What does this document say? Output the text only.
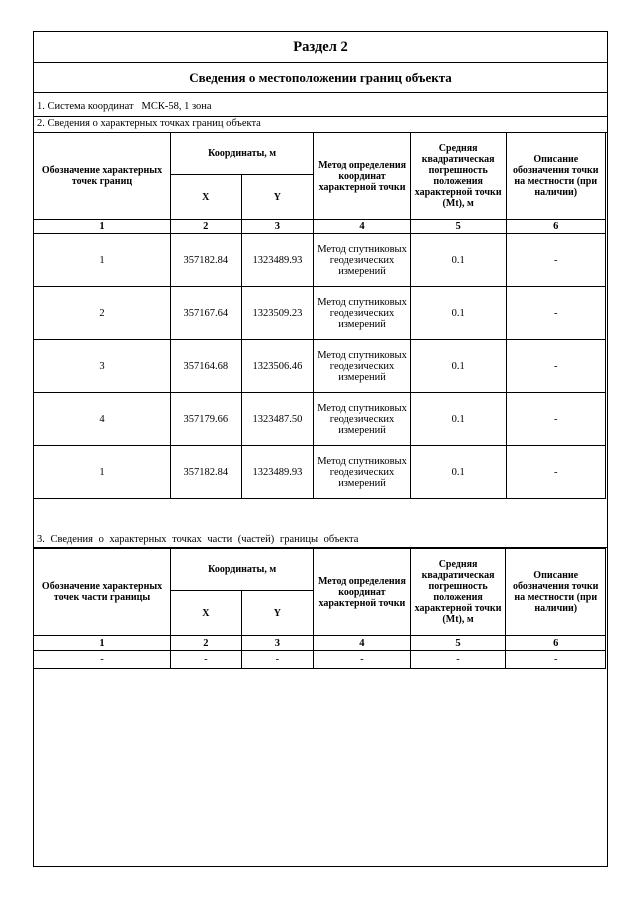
Раздел 2
Сведения о местоположении границ объекта
1. Система координат   МСК-58, 1 зона
2. Сведения о характерных точках границ объекта
Обозначение характерных точек границ	Координаты, м		Метод определения координат характерной точки	Средняя квадратическая погрешность положения характерной точки (Mt), м	Описание обозначения точки на местности (при наличии)
	X	Y			
1	2	3	4	5	6
1	357182.84	1323489.93	Метод спутниковых геодезических измерений	0.1	-
2	357167.64	1323509.23	Метод спутниковых геодезических измерений	0.1	-
3	357164.68	1323506.46	Метод спутниковых геодезических измерений	0.1	-
4	357179.66	1323487.50	Метод спутниковых геодезических измерений	0.1	-
1	357182.84	1323489.93	Метод спутниковых геодезических измерений	0.1	-
3. Сведения о характерных точках части (частей) границы объекта
Обозначение характерных точек части границы	Координаты, м		Метод определения координат характерной точки	Средняя квадратическая погрешность положения характерной точки (Mt), м	Описание обозначения точки на местности (при наличии)
	X	Y			
1	2	3	4	5	6
-	-	-	-	-	-
